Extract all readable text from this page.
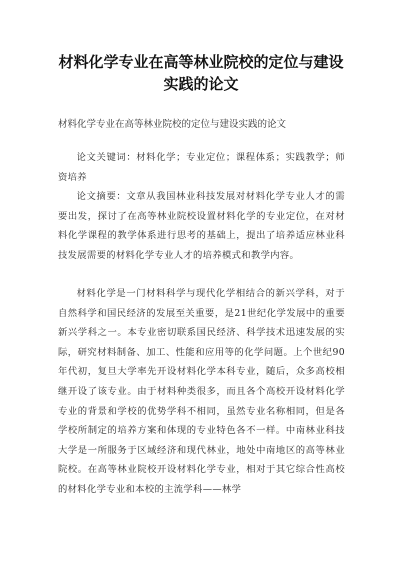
材料化学专业在高等林业院校的定位与建设实践的论文
材料化学专业在高等林业院校的定位与建设实践的论文

论文关键词：材料化学；专业定位；课程体系；实践教学；师资培养

论文摘要：文章从我国林业科技发展对材料化学专业人才的需要出发，探讨了在高等林业院校设置材料化学的专业定位，在对材料化学课程的教学体系进行思考的基础上，提出了培养适应林业科技发展需要的材料化学专业人才的培养模式和教学内容。

材料化学是一门材料科学与现代化学相结合的新兴学科，对于自然科学和国民经济的发展至关重要，是21世纪化学发展中的重要新兴学科之一。本专业密切联系国民经济、科学技术迅速发展的实际，研究材料制备、加工、性能和应用等的化学问题。上个世纪90年代初，复旦大学率先开设材料化学本科专业，随后，众多高校相继开设了该专业。由于材料种类很多，而且各个高校开设材料化学专业的背景和学校的优势学科不相同，虽然专业名称相同，但是各学校所制定的培养方案和体现的专业特色各不一样。中南林业科技大学是一所服务于区域经济和现代林业，地处中南地区的高等林业院校。在高等林业院校开设材料化学专业，相对于其它综合性高校的材料化学专业和本校的主流学科——林学
